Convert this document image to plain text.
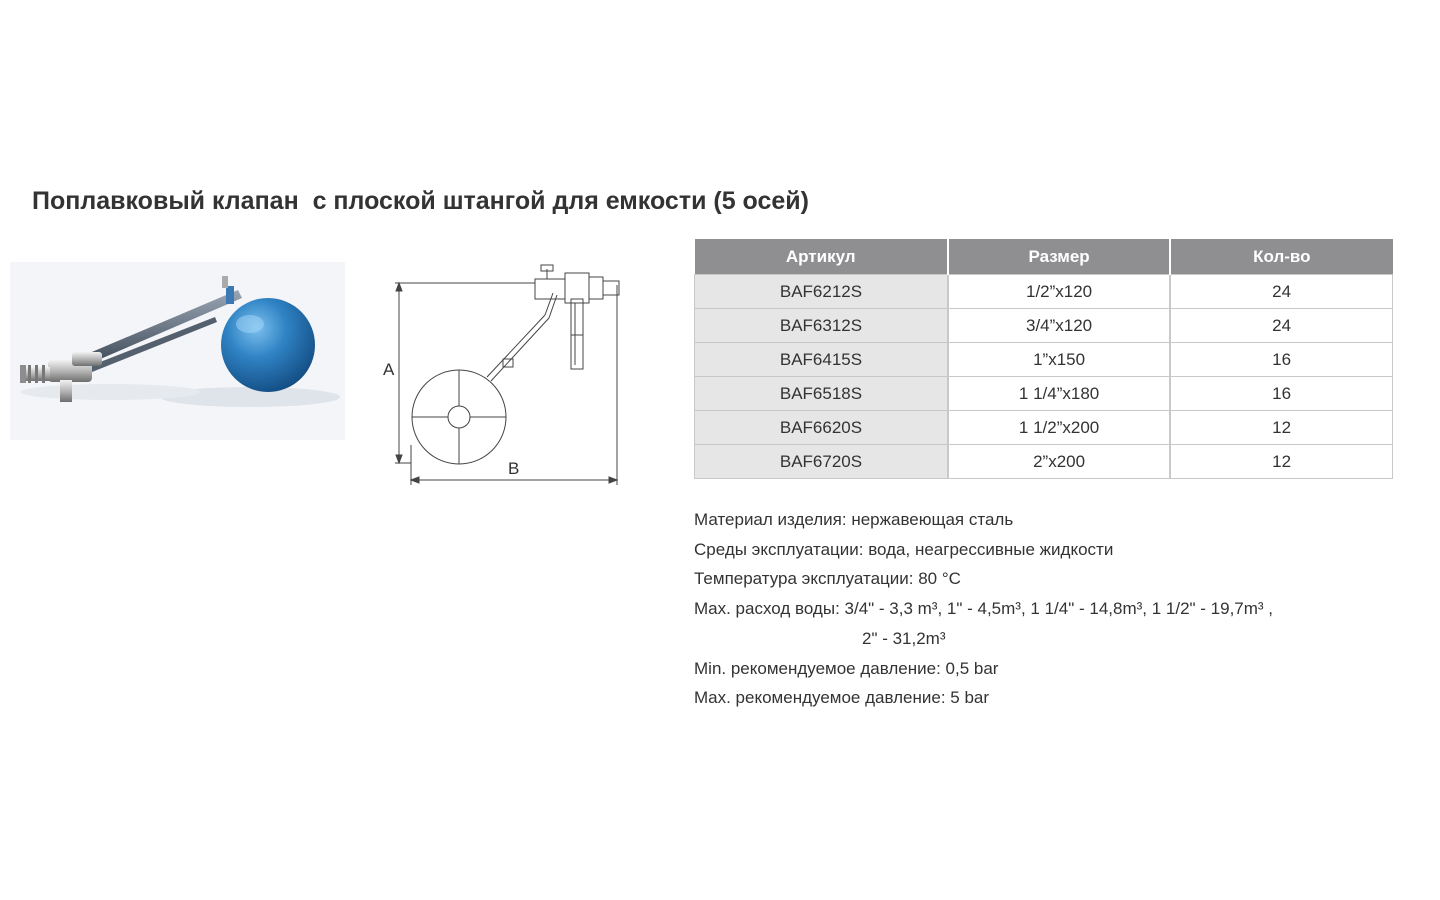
Поплавковый клапан  с плоской штангой для емкости (5 осей)
A
B
Артикул	Размер	Кол-во
BAF6212S	1/2”x120	24
BAF6312S	3/4”x120	24
BAF6415S	1”x150	16
BAF6518S	1 1/4”x180	16
BAF6620S	1 1/2”x200	12
BAF6720S	2”x200	12
Материал изделия: нержавеющая сталь
Среды эксплуатации: вода, неагрессивные жидкости
Температура эксплуатации: 80 °C
Max. расход воды: 3/4" - 3,3 m³, 1" - 4,5m³, 1 1/4" - 14,8m³, 1 1/2" - 19,7m³ ,
2" - 31,2m³
Min. рекомендуемое давление: 0,5 bar
Max. рекомендуемое давление: 5 bar
